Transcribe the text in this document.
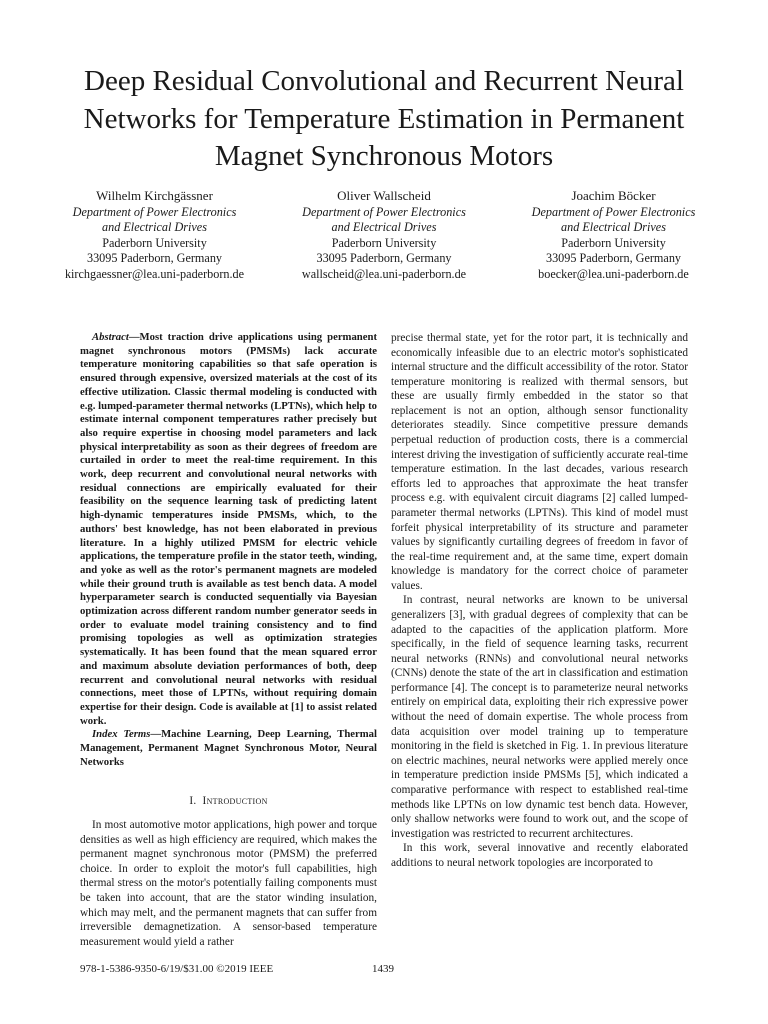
Deep Residual Convolutional and Recurrent Neural Networks for Temperature Estimation in Permanent Magnet Synchronous Motors
Wilhelm Kirchgässner
Department of Power Electronics
and Electrical Drives
Paderborn University
33095 Paderborn, Germany
kirchgaessner@lea.uni-paderborn.de
Oliver Wallscheid
Department of Power Electronics
and Electrical Drives
Paderborn University
33095 Paderborn, Germany
wallscheid@lea.uni-paderborn.de
Joachim Böcker
Department of Power Electronics
and Electrical Drives
Paderborn University
33095 Paderborn, Germany
boecker@lea.uni-paderborn.de

Abstract—Most traction drive applications using permanent magnet synchronous motors (PMSMs) lack accurate temperature monitoring capabilities so that safe operation is ensured through expensive, oversized materials at the cost of its effective utilization. Classic thermal modeling is conducted with e.g. lumped-parameter thermal networks (LPTNs), which help to estimate internal component temperatures rather precisely but also require expertise in choosing model parameters and lack physical interpretability as soon as their degrees of freedom are curtailed in order to meet the real-time requirement. In this work, deep recurrent and convolutional neural networks with residual connections are empirically evaluated for their feasibility on the sequence learning task of predicting latent high-dynamic temperatures inside PMSMs, which, to the authors' best knowledge, has not been elaborated in previous literature. In a highly utilized PMSM for electric vehicle applications, the temperature profile in the stator teeth, winding, and yoke as well as the rotor's permanent magnets are modeled while their ground truth is available as test bench data. A model hyperparameter search is conducted sequentially via Bayesian optimization across different random number generator seeds in order to evaluate model training consistency and to find promising topologies as well as optimization strategies systematically. It has been found that the mean squared error and maximum absolute deviation performances of both, deep recurrent and convolutional neural networks with residual connections, meet those of LPTNs, without requiring domain expertise for their design. Code is available at [1] to assist related work.

Index Terms—Machine Learning, Deep Learning, Thermal Management, Permanent Magnet Synchronous Motor, Neural Networks

I. Introduction

In most automotive motor applications, high power and torque densities as well as high efficiency are required, which makes the permanent magnet synchronous motor (PMSM) the preferred choice. In order to exploit the motor's full capabilities, high thermal stress on the motor's potentially failing components must be taken into account, that are the stator winding insulation, which may melt, and the permanent magnets that can suffer from irreversible demagnetization. A sensor-based temperature measurement would yield a rather

precise thermal state, yet for the rotor part, it is technically and economically infeasible due to an electric motor's sophisticated internal structure and the difficult accessibility of the rotor. Stator temperature monitoring is realized with thermal sensors, but these are usually firmly embedded in the stator so that replacement is not an option, although sensor functionality deteriorates steadily. Since competitive pressure demands perpetual reduction of production costs, there is a commercial interest driving the investigation of sufficiently accurate real-time temperature estimation. In the last decades, various research efforts led to approaches that approximate the heat transfer process e.g. with equivalent circuit diagrams [2] called lumped-parameter thermal networks (LPTNs). This kind of model must forfeit physical interpretability of its structure and parameter values by significantly curtailing degrees of freedom in favor of the real-time requirement and, at the same time, expert domain knowledge is mandatory for the correct choice of parameter values.

In contrast, neural networks are known to be universal generalizers [3], with gradual degrees of complexity that can be adapted to the capacities of the application platform. More specifically, in the field of sequence learning tasks, recurrent neural networks (RNNs) and convolutional neural networks (CNNs) denote the state of the art in classification and estimation performance [4]. The concept is to parameterize neural networks entirely on empirical data, exploiting their rich expressive power without the need of domain expertise. The whole process from data acquisition over model training up to temperature monitoring in the field is sketched in Fig. 1. In previous literature on electric machines, neural networks were applied merely once in temperature prediction inside PMSMs [5], which indicated a comparative performance with respect to established real-time methods like LPTNs on low dynamic test bench data. However, only shallow networks were found to work out, and the scope of investigation was restricted to recurrent architectures.

In this work, several innovative and recently elaborated additions to neural network topologies are incorporated to

978-1-5386-9350-6/19/$31.00 ©2019 IEEE	1439
